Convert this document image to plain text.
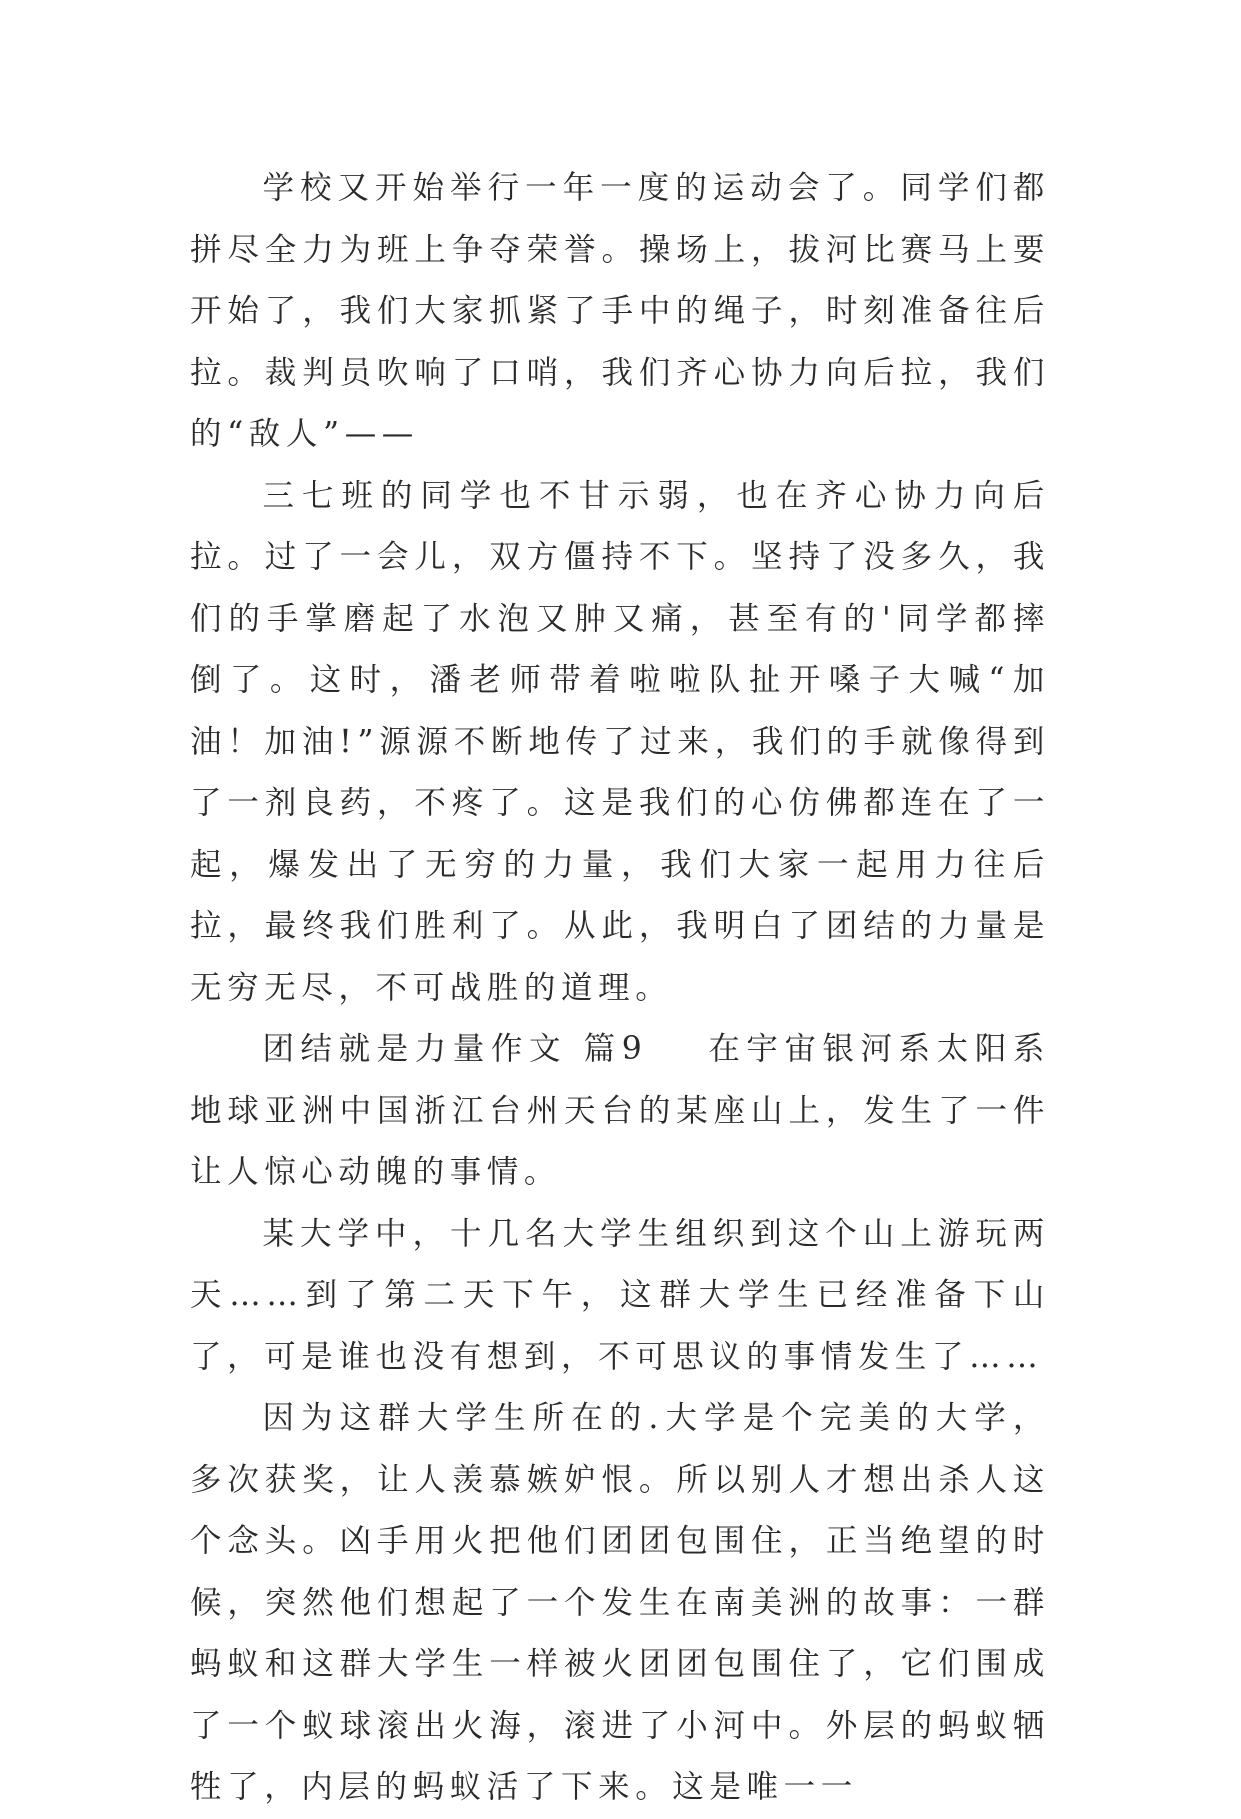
学校又开始举行一年一度的运动会了。同学们都拼尽全力为班上争夺荣誉。操场上，拔河比赛马上要开始了，我们大家抓紧了手中的绳子，时刻准备往后拉。裁判员吹响了口哨，我们齐心协力向后拉，我们的“敌人”——

三七班的同学也不甘示弱，也在齐心协力向后拉。过了一会儿，双方僵持不下。坚持了没多久，我们的手掌磨起了水泡又肿又痛，甚至有的'同学都摔倒了。这时，潘老师带着啦啦队扯开嗓子大喊“加油！加油!”源源不断地传了过来，我们的手就像得到了一剂良药，不疼了。这是我们的心仿佛都连在了一起，爆发出了无穷的力量，我们大家一起用力往后拉，最终我们胜利了。从此，我明白了团结的力量是无穷无尽，不可战胜的道理。

团结就是力量作文 篇9 在宇宙银河系太阳系地球亚洲中国浙江台州天台的某座山上，发生了一件让人惊心动魄的事情。

某大学中，十几名大学生组织到这个山上游玩两天……到了第二天下午，这群大学生已经准备下山了，可是谁也没有想到，不可思议的事情发生了……

因为这群大学生所在的.大学是个完美的大学，多次获奖，让人羡慕嫉妒恨。所以别人才想出杀人这个念头。凶手用火把他们团团包围住，正当绝望的时候，突然他们想起了一个发生在南美洲的故事：一群蚂蚁和这群大学生一样被火团团包围住了，它们围成了一个蚁球滚出火海，滚进了小河中。外层的蚂蚁牺牲了，内层的蚂蚁活了下来。这是唯一一
